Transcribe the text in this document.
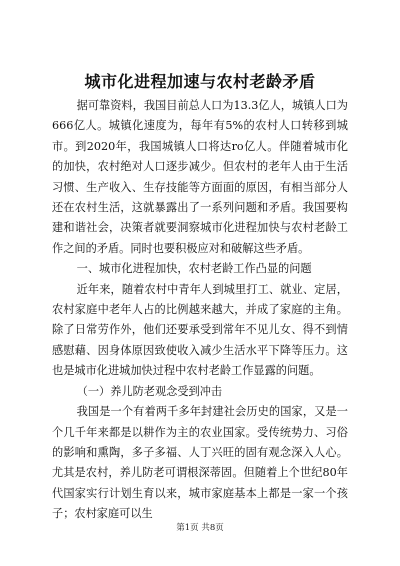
城市化进程加速与农村老龄矛盾

据可靠资料，我国目前总人口为13.3亿人，城镇人口为666亿人。城镇化速度为，每年有5%的农村人口转移到城市。到2020年，我国城镇人口将达ro亿人。伴随着城市化的加快，农村绝对人口逐步减少。但农村的老年人由于生活习惯、生产收入、生存技能等方面面的原因，有相当部分人还在农村生活，这就暴露出了一系列问题和矛盾。我国要构建和谐社会，决策者就要洞察城市化进程加快与农村老龄工作之间的矛盾。同时也要积极应对和破解这些矛盾。

一、城市化进程加快，农村老龄工作凸显的问题

近年来，随着农村中青年人到城里打工、就业、定居，农村家庭中老年人占的比例越来越大，并成了家庭的主角。除了日常劳作外，他们还要承受到常年不见儿女、得不到情感慰藉、因身体原因致使收入减少生活水平下降等压力。这也是城市化进城加快过程中农村老龄工作显露的问题。

（一）养儿防老观念受到冲击

我国是一个有着两千多年封建社会历史的国家，又是一个几千年来都是以耕作为主的农业国家。受传统势力、习俗的影响和熏陶，多子多福、人丁兴旺的固有观念深入人心。尤其是农村，养儿防老可谓根深蒂固。但随着上个世纪80年代国家实行计划生育以来，城市家庭基本上都是一家一个孩子；农村家庭可以生

第1页 共8页
